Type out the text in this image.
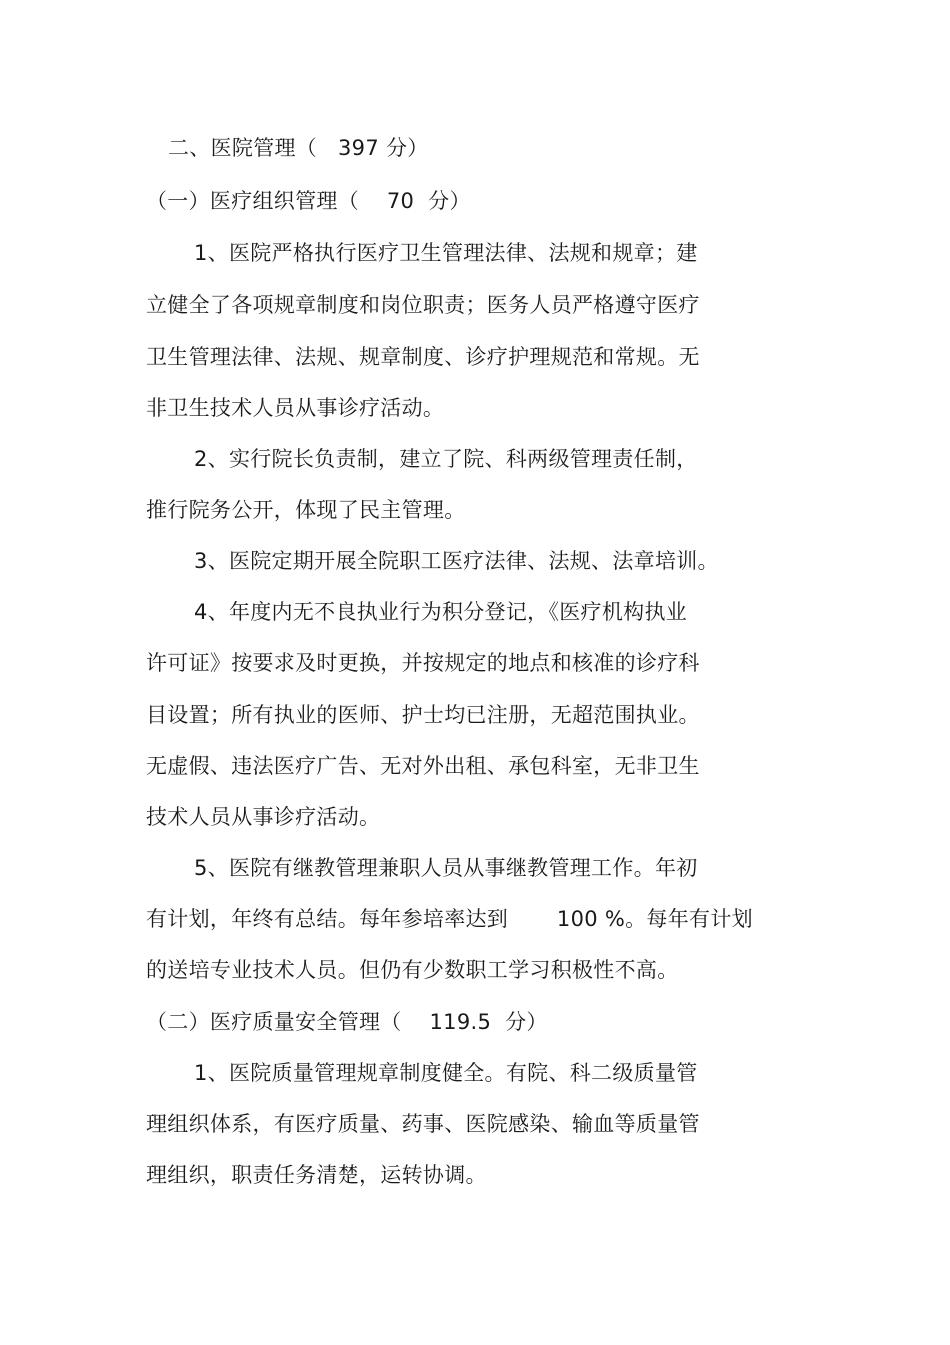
二、医院管理（   397 分）
（一）医疗组织管理（    70  分）
1、医院严格执行医疗卫生管理法律、法规和规章；建
立健全了各项规章制度和岗位职责；医务人员严格遵守医疗
卫生管理法律、法规、规章制度、诊疗护理规范和常规。无
非卫生技术人员从事诊疗活动。
2、实行院长负责制，建立了院、科两级管理责任制，
推行院务公开，体现了民主管理。
3、医院定期开展全院职工医疗法律、法规、法章培训。
4、年度内无不良执业行为积分登记，《医疗机构执业
许可证》按要求及时更换，并按规定的地点和核准的诊疗科
目设置；所有执业的医师、护士均已注册，无超范围执业。
无虚假、违法医疗广告、无对外出租、承包科室，无非卫生
技术人员从事诊疗活动。
5、医院有继教管理兼职人员从事继教管理工作。年初
有计划，年终有总结。每年参培率达到       100 %。每年有计划
的送培专业技术人员。但仍有少数职工学习积极性不高。
（二）医疗质量安全管理（    119.5  分）
1、医院质量管理规章制度健全。有院、科二级质量管
理组织体系，有医疗质量、药事、医院感染、输血等质量管
理组织，职责任务清楚，运转协调。
